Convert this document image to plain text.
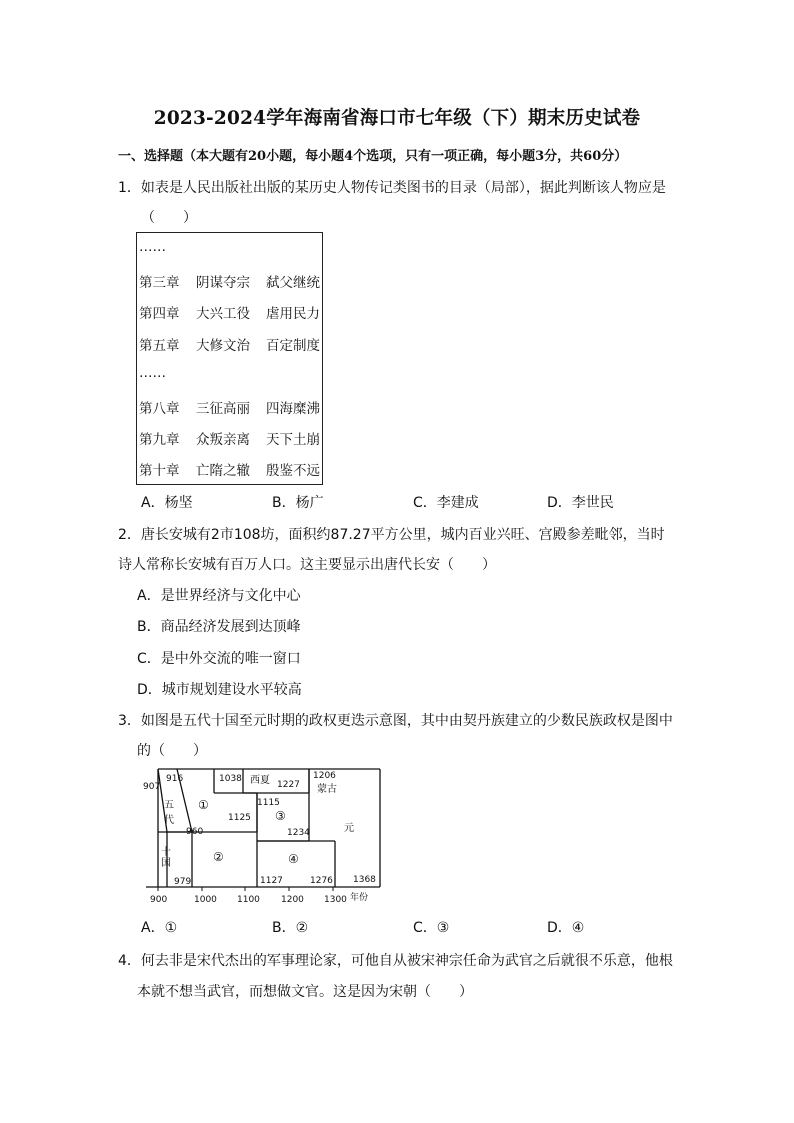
2023-2024学年海南省海口市七年级（下）期末历史试卷
一、选择题（本大题有20小题，每小题4个选项，只有一项正确，每小题3分，共60分）
1．如表是人民出版社出版的某历史人物传记类图书的目录（局部），据此判断该人物应是
（　　）
……
第三章 阴谋夺宗 弑父继统
第四章 大兴工役 虐用民力
第五章 大修文治 百定制度
……
第八章 三征高丽 四海糜沸
第九章 众叛亲离 天下土崩
第十章 亡隋之辙 殷鉴不远
A．杨坚	B．杨广	C．李建成	D．李世民
2．唐长安城有2市108坊，面积约87.27平方公里，城内百业兴旺、宫殿参差毗邻，当时
诗人常称长安城有百万人口。这主要显示出唐代长安（　　）
A．是世界经济与文化中心
B．商品经济发展到达顶峰
C．是中外交流的唯一窗口
D．城市规划建设水平较高
3．如图是五代十国至元时期的政权更迭示意图，其中由契丹族建立的少数民族政权是图中
的（　　）
907
916	1038 西夏 1227
1206
蒙古
1115
五
代	1125
①
③
960	1234	元
十
国	②	④
979	1127	1276 1368
900	1000 1100 1200 1300 年份
A．①	B．②	C．③	D．④
4．何去非是宋代杰出的军事理论家，可他自从被宋神宗任命为武官之后就很不乐意，他根
本就不想当武官，而想做文官。这是因为宋朝（　　）
